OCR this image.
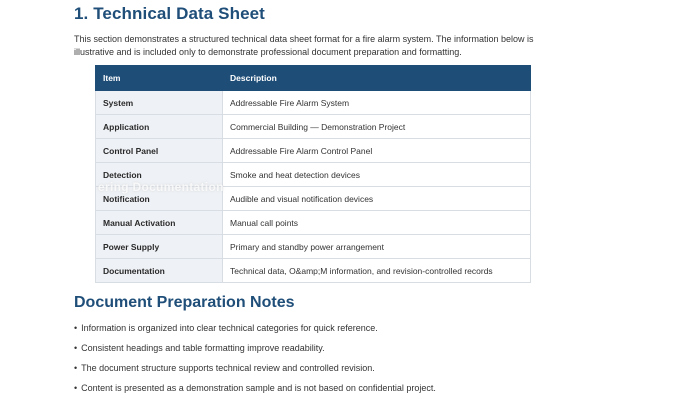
1. Technical Data Sheet

This section demonstrates a structured technical data sheet format for a fire alarm system. The information below is illustrative and is included only to demonstrate professional document preparation and formatting.

Item	Description
System	Addressable Fire Alarm System
Application	Commercial Building — Demonstration Project
Control Panel	Addressable Fire Alarm Control Panel
Detection	Smoke and heat detection devices
Notification	Audible and visual notification devices
Manual Activation	Manual call points
Power Supply	Primary and standby power arrangement
Documentation	Technical data, O&amp;M information, and revision-controlled records
ering Documentation
Document Preparation Notes
• Information is organized into clear technical categories for quick reference.
• Consistent headings and table formatting improve readability.
• The document structure supports technical review and controlled revision.
• Content is presented as a demonstration sample and is not based on confidential project.
